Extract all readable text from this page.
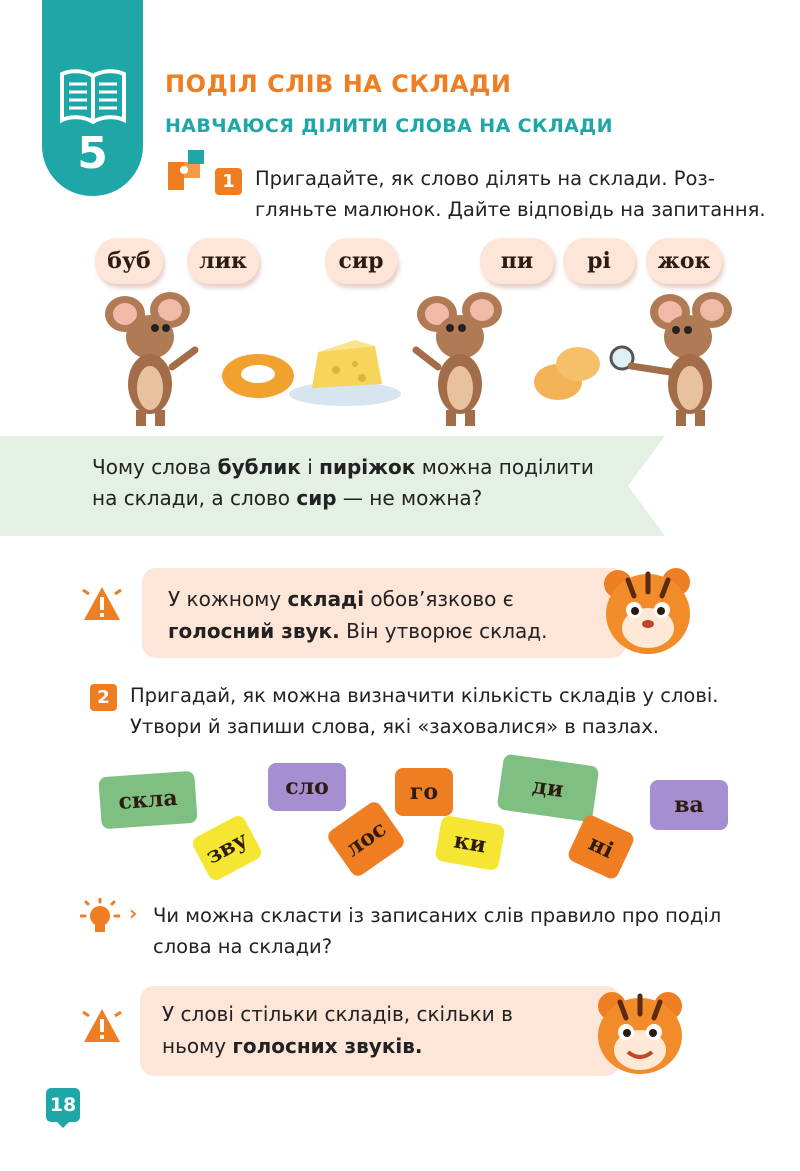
5
ПОДІЛ СЛІВ НА СКЛАДИ
НАВЧАЮСЯ ДІЛИТИ СЛОВА НА СКЛАДИ
1	Пригадайте, як слово ділять на склади. Роз-
гляньте малюнок. Дайте відповідь на запитання.
буб	лик	сир	пи	рі	жок
Чому слова бублик і пиріжок можна поділити
на склади, а слово сир — не можна?
У кожному складі обов’язково є
голосний звук. Він утворює склад.
2	Пригадай, як можна визначити кількість складів у слові.
Утвори й запиши слова, які «заховалися» в пазлах.
скла	сло	го	ди
ва
зву	лос	ки	ні
› Чи можна скласти із записаних слів правило про поділ
слова на склади?
У слові стільки складів, скільки в
ньому голосних звуків.
18
